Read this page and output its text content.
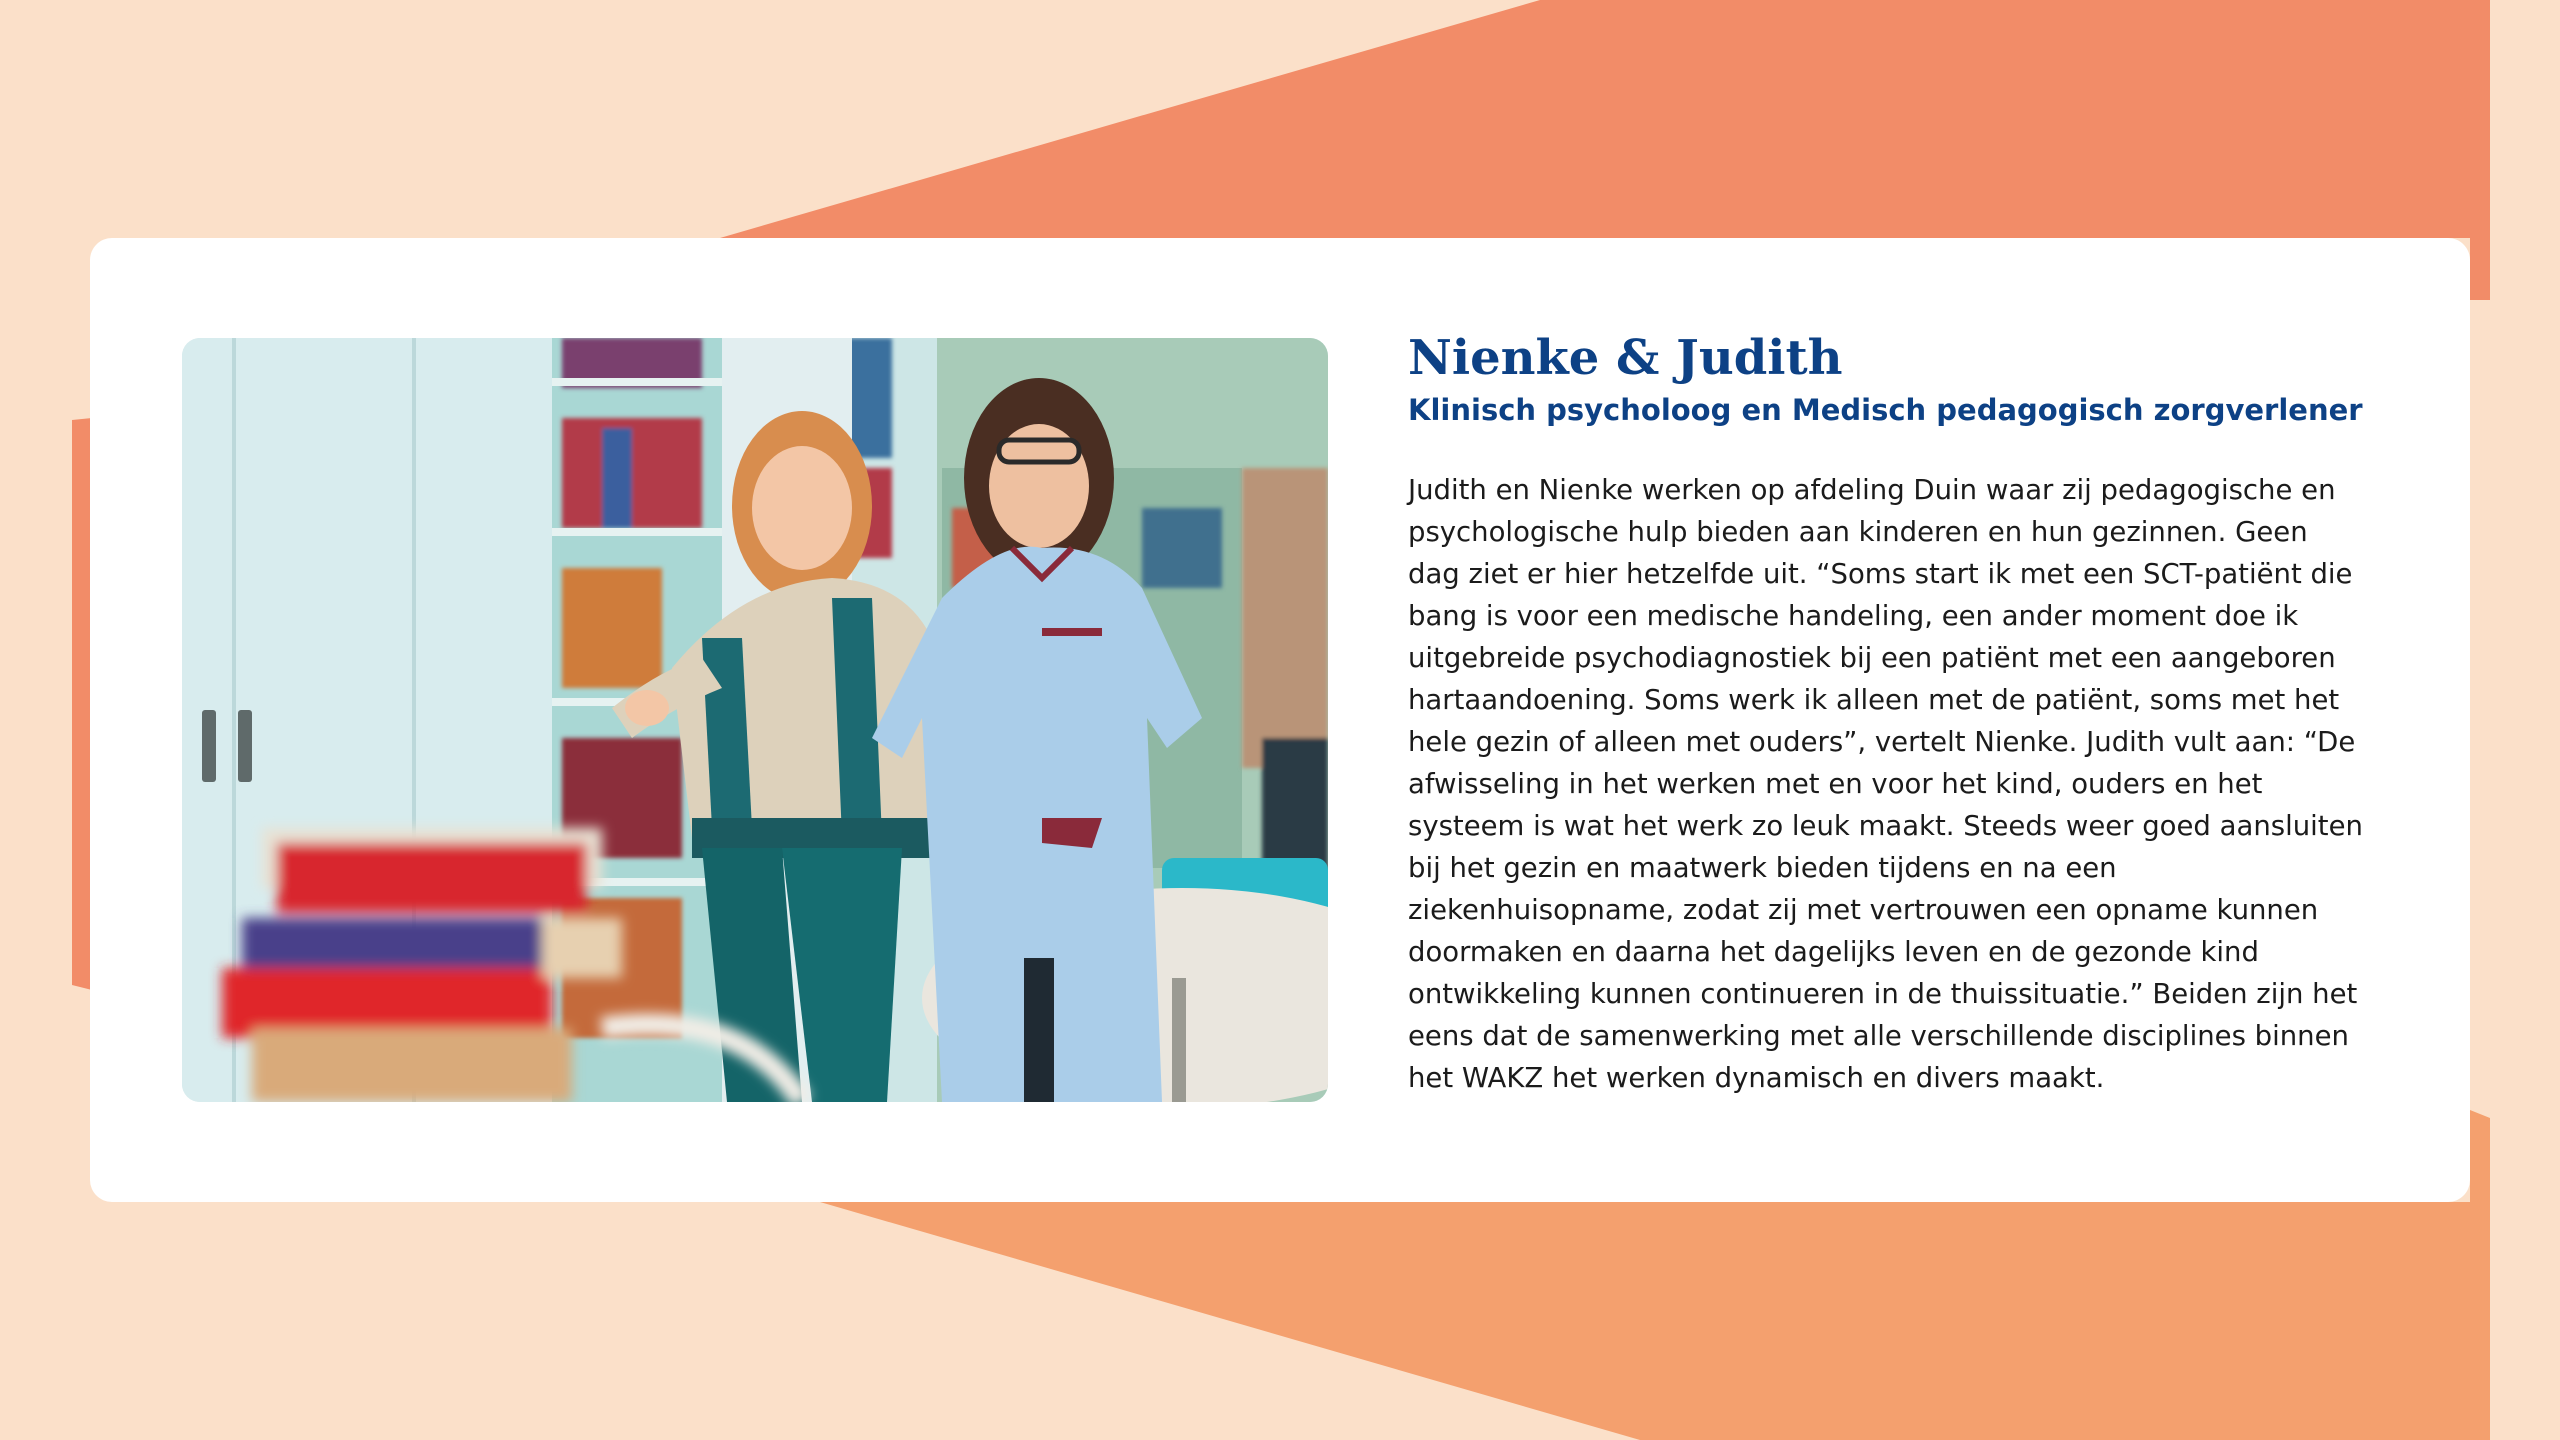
Nienke & Judith
Klinisch psycholoog en Medisch pedagogisch zorgverlener

Judith en Nienke werken op afdeling Duin waar zij pedagogische en psychologische hulp bieden aan kinderen en hun gezinnen. Geen dag ziet er hier hetzelfde uit. “Soms start ik met een SCT-patiënt die bang is voor een medische handeling, een ander moment doe ik uitgebreide psychodiagnostiek bij een patiënt met een aangeboren hartaandoening. Soms werk ik alleen met de patiënt, soms met het hele gezin of alleen met ouders”, vertelt Nienke. Judith vult aan: “De afwisseling in het werken met en voor het kind, ouders en het systeem is wat het werk zo leuk maakt. Steeds weer goed aansluiten bij het gezin en maatwerk bieden tijdens en na een ziekenhuisopname, zodat zij met vertrouwen een opname kunnen doormaken en daarna het dagelijks leven en de gezonde kind ontwikkeling kunnen continueren in de thuissituatie.” Beiden zijn het eens dat de samenwerking met alle verschillende disciplines binnen het WAKZ het werken dynamisch en divers maakt.
